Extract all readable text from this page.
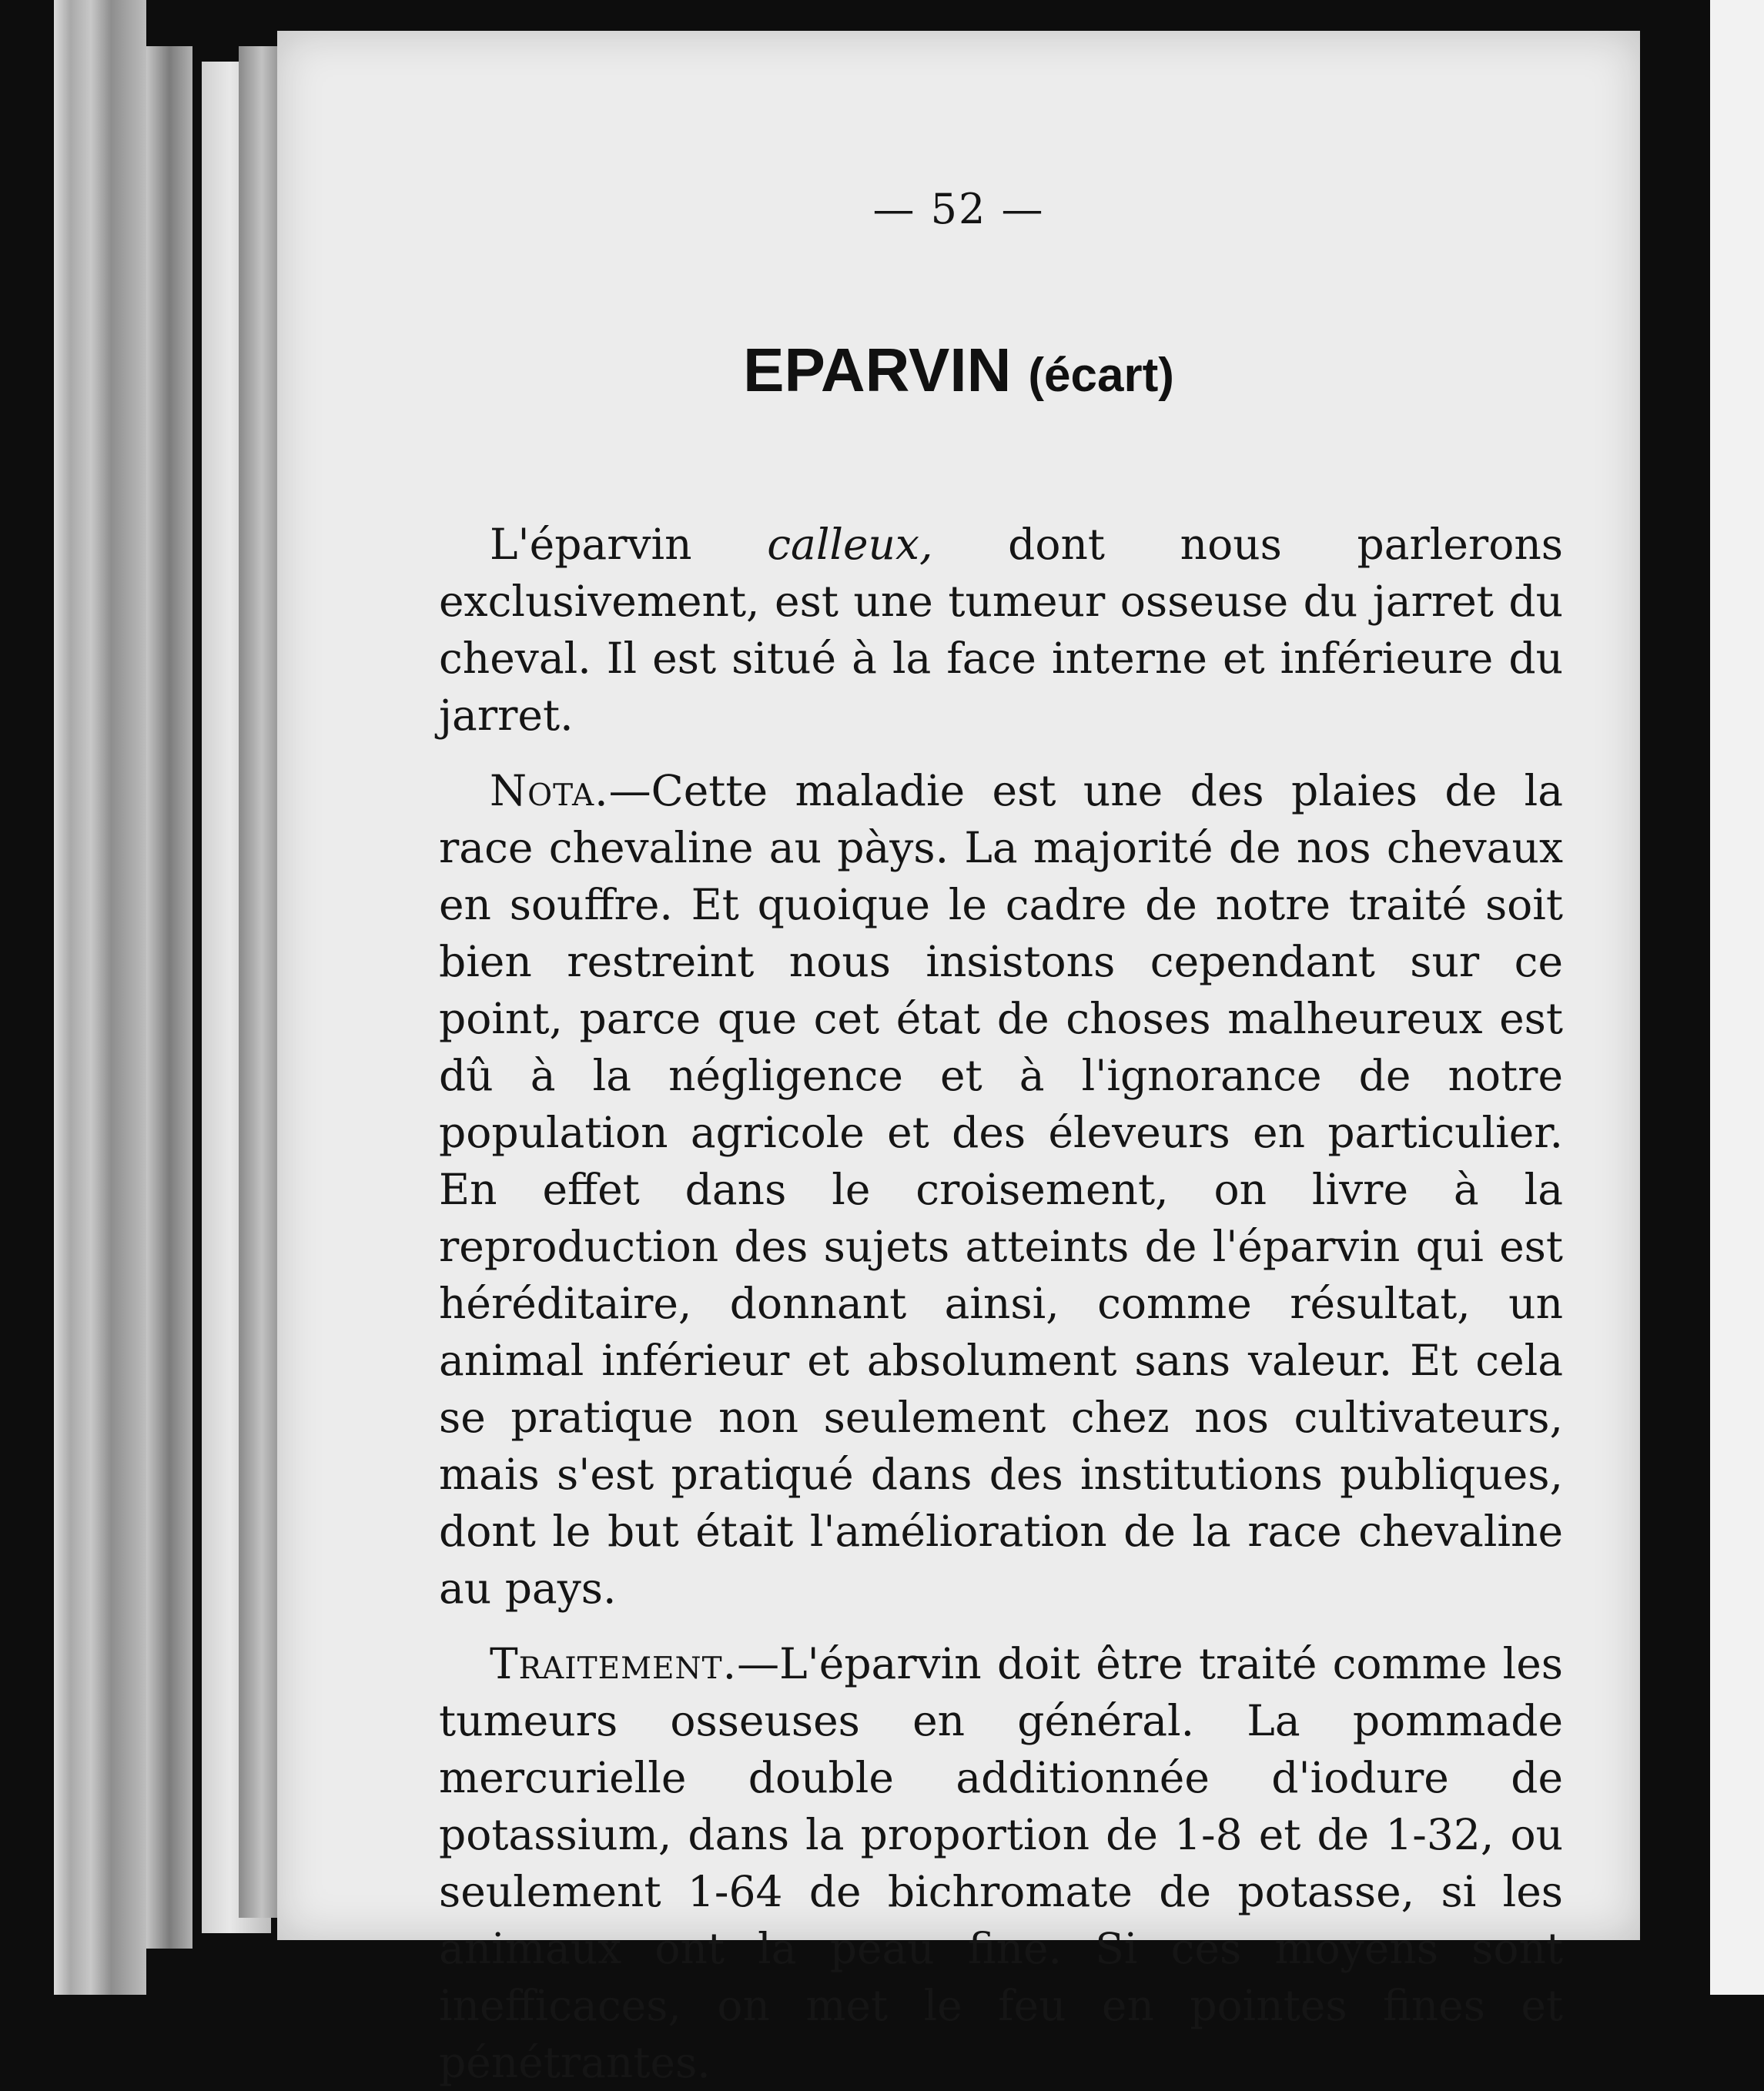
— 52 —
EPARVIN (écart)

L'éparvin calleux, dont nous parlerons exclusivement, est une tumeur osseuse du jarret du cheval. Il est situé à la face interne et inférieure du jarret.

Nota.—Cette maladie est une des plaies de la race chevaline au pàys. La majorité de nos chevaux en souffre. Et quoique le cadre de notre traité soit bien restreint nous insistons cependant sur ce point, parce que cet état de choses malheureux est dû à la négligence et à l'ignorance de notre population agricole et des éleveurs en particulier. En effet dans le croisement, on livre à la reproduction des sujets atteints de l'éparvin qui est héréditaire, donnant ainsi, comme résultat, un animal inférieur et absolument sans valeur. Et cela se pratique non seulement chez nos cultivateurs, mais s'est pratiqué dans des institutions publiques, dont le but était l'amélioration de la race chevaline au pays.

Traitement.—L'éparvin doit être traité comme les tumeurs osseuses en général. La pommade mercurielle double additionnée d'iodure de potassium, dans la proportion de 1-8 et de 1-32, ou seulement 1-64 de bichromate de potasse, si les animaux ont la peau fine. Si ces moyens sont inefficaces, on met le feu en pointes fines et pénétrantes.
